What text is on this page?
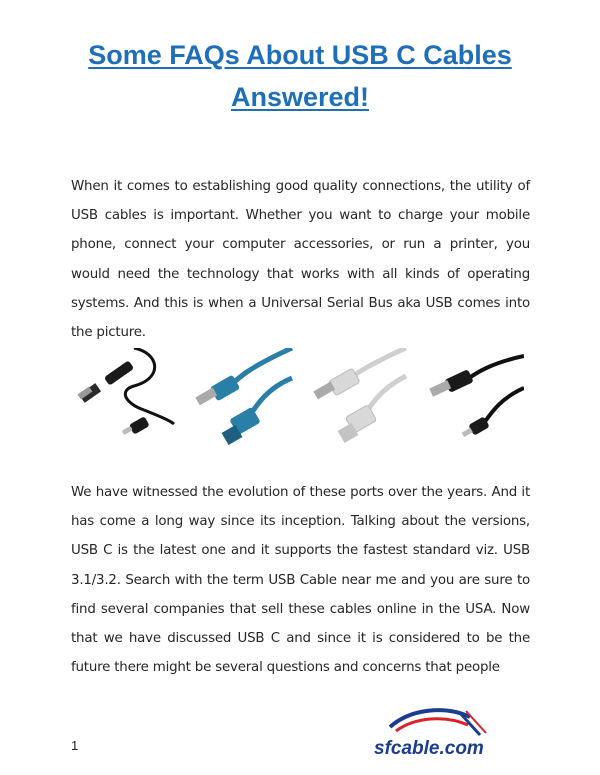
Some FAQs About USB C Cables Answered!
When it comes to establishing good quality connections, the utility of USB cables is important. Whether you want to charge your mobile phone, connect your computer accessories, or run a printer, you would need the technology that works with all kinds of operating systems. And this is when a Universal Serial Bus aka USB comes into the picture.
We have witnessed the evolution of these ports over the years. And it has come a long way since its inception. Talking about the versions, USB C is the latest one and it supports the fastest standard viz. USB 3.1/3.2. Search with the term USB Cable near me and you are sure to find several companies that sell these cables online in the USA. Now that we have discussed USB C and since it is considered to be the future there might be several questions and concerns that people
1	sfcable.com
